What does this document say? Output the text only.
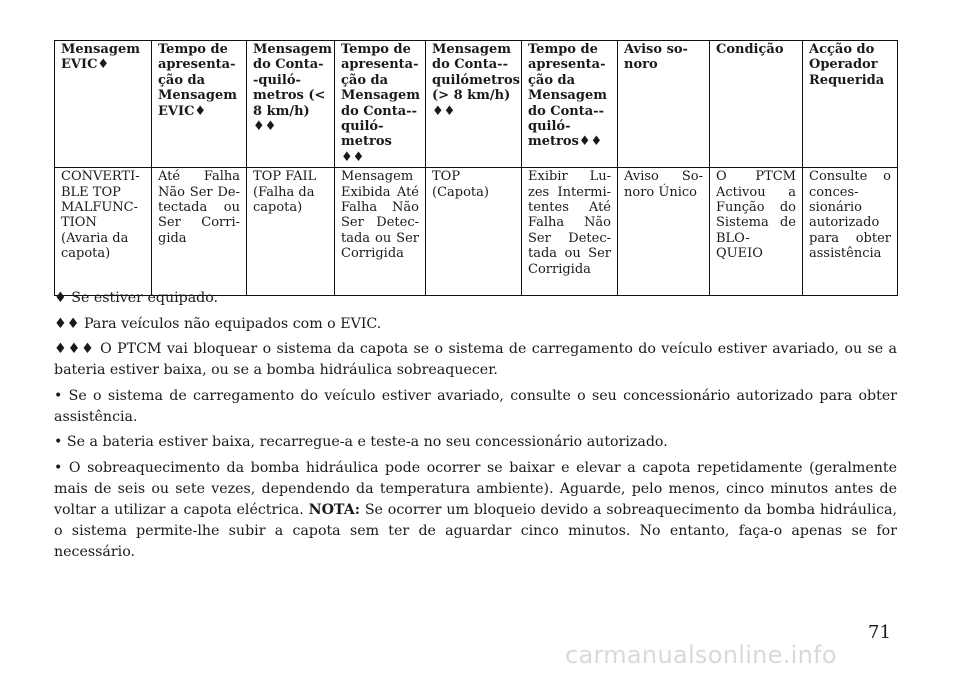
Mensagem EVIC♦	Tempo de apresenta-ção da Mensagem EVIC♦	Mensagem do Conta--quiló-metros (< 8 km/h) ♦♦	Tempo de apresenta-ção da Mensagem do Conta--quiló-metros ♦♦	Mensagem do Conta--quilómetros (> 8 km/h) ♦♦	Tempo de apresenta-ção da Mensagem do Conta--quiló-metros♦♦	Aviso so-noro	Condição	Acção do Operador Requerida
CONVERTI-BLE TOP MALFUNC-TION (Avaria da capota)	Até Falha Não Ser De-tectada ou Ser Corri-gida	TOP FAIL (Falha da capota)	Mensagem Exibida Até Falha Não Ser Detec-tada ou Ser Corrigida	TOP (Capota)	Exibir Lu-zes Intermi-tentes Até Falha Não Ser Detec-tada ou Ser Corrigida	Aviso So-noro Único	O PTCM Activou a Função do Sistema de BLO-QUEIO	Consulte o conces-sionário autorizado para obter assistência

♦ Se estiver equipado.

♦♦ Para veículos não equipados com o EVIC.

♦♦♦ O PTCM vai bloquear o sistema da capota se o sistema de carregamento do veículo estiver avariado, ou se a bateria estiver baixa, ou se a bomba hidráulica sobreaquecer.

• Se o sistema de carregamento do veículo estiver avariado, consulte o seu concessionário autorizado para obter assistência.

• Se a bateria estiver baixa, recarregue-a e teste-a no seu concessionário autorizado.

• O sobreaquecimento da bomba hidráulica pode ocorrer se baixar e elevar a capota repetidamente (geralmente mais de seis ou sete vezes, dependendo da temperatura ambiente). Aguarde, pelo menos, cinco minutos antes de voltar a utilizar a capota eléctrica. NOTA: Se ocorrer um bloqueio devido a sobreaquecimento da bomba hidráulica, o sistema permite-lhe subir a capota sem ter de aguardar cinco minutos. No entanto, faça-o apenas se for necessário.

71
carmanualsonline.info
